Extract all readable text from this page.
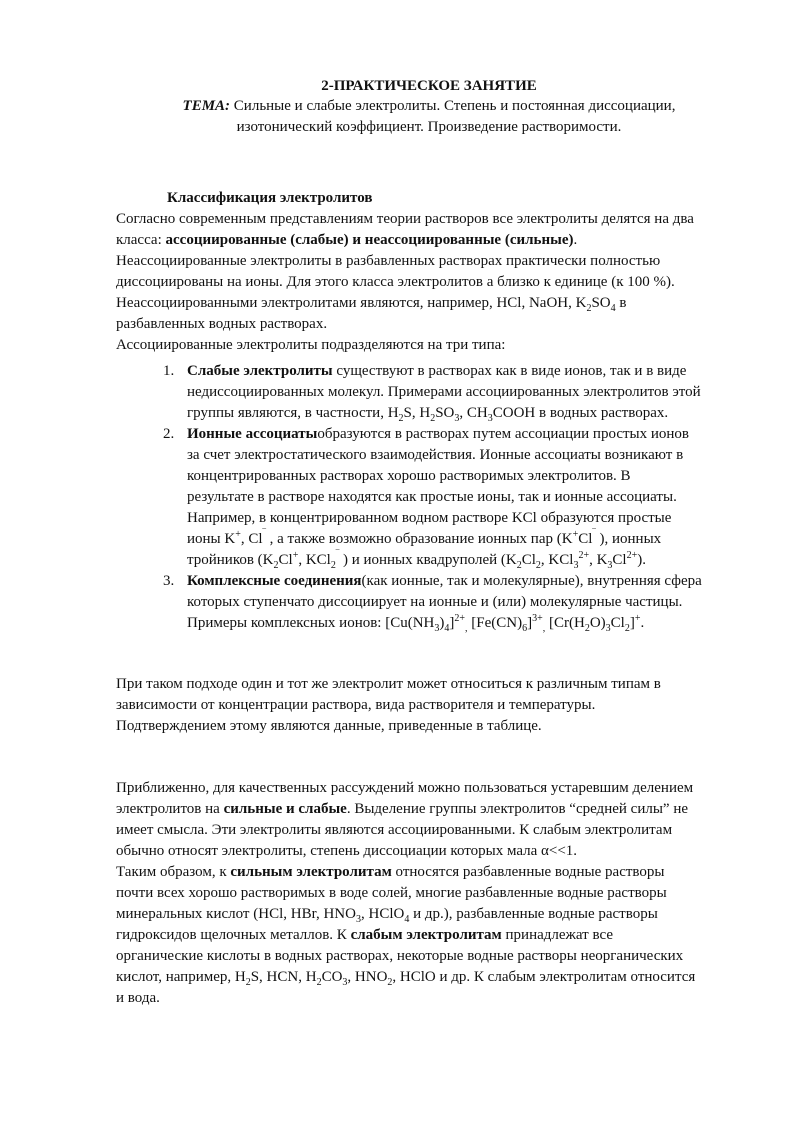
2-ПРАКТИЧЕСКОЕ ЗАНЯТИЕ
ТЕМА: Сильные и слабые электролиты. Степень и постоянная диссоциации,
изотонический коэффициент. Произведение растворимости.
Классификация электролитов
Согласно современным представлениям теории растворов все электролиты делятся на два
класса: ассоциированные (слабые) и неассоциированные (сильные).
Неассоциированные электролиты в разбавленных растворах практически полностью
диссоциированы на ионы. Для этого класса электролитов a близко к единице (к 100 %).
Неассоциированными электролитами являются, например, HCl, NaOH, $K_2SO_4$ в
разбавленных водных растворах.
Ассоциированные электролиты подразделяются на три типа:
1. Слабые электролиты существуют в растворах как в виде ионов, так и в виде
недиссоциированных молекул. Примерами ассоциированных электролитов этой
группы являются, в частности, $H_2S$, $H_2SO_3$, $CH_3COOH$ в водных растворах.
2. Ионные ассоциатыобразуются в растворах путем ассоциации простых ионов
за счет электростатического взаимодействия. Ионные ассоциаты возникают в
концентрированных растворах хорошо растворимых электролитов. В
результате в растворе находятся как простые ионы, так и ионные ассоциаты.
Например, в концентрированном водном растворе KCl образуются простые
ионы K+, Cl‾ , а также возможно образование ионных пар (K+Cl‾ ), ионных
тройников ($K_2Cl^+$, KCl$_2$‾ ) и ионных квадруполей ($K_2Cl_2$, KCl$_3^{2+}$, $K_3Cl^{2+}$).
3. Комплексные соединения(как ионные, так и молекулярные), внутренняя сфера
которых ступенчато диссоциирует на ионные и (или) молекулярные частицы.
Примеры комплексных ионов: $[Cu(NH_3)_4]^{2+}_,$ $[Fe(CN)_6]^{3+}_,$ $[Cr(H_2O)_3Cl_2]^+$.
При таком подходе один и тот же электролит может относиться к различным типам в
зависимости от концентрации раствора, вида растворителя и температуры.
Подтверждением этому являются данные, приведенные в таблице.
Приближенно, для качественных рассуждений можно пользоваться устаревшим делением
электролитов на сильные и слабые. Выделение группы электролитов “средней силы” не
имеет смысла. Эти электролиты являются ассоциированными. К слабым электролитам
обычно относят электролиты, степень диссоциации которых мала α<<1.
Таким образом, к сильным электролитам относятся разбавленные водные растворы
почти всех хорошо растворимых в воде солей, многие разбавленные водные растворы
минеральных кислот (HCl, HBr, $HNO_3$, HClO$_4$ и др.), разбавленные водные растворы
гидроксидов щелочных металлов. К слабым электролитам принадлежат все
органические кислоты в водных растворах, некоторые водные растворы неорганических
кислот, например, $H_2S$, HCN, $H_2CO_3$, $HNO_2$, HClO и др. К слабым электролитам относится
и вода.
